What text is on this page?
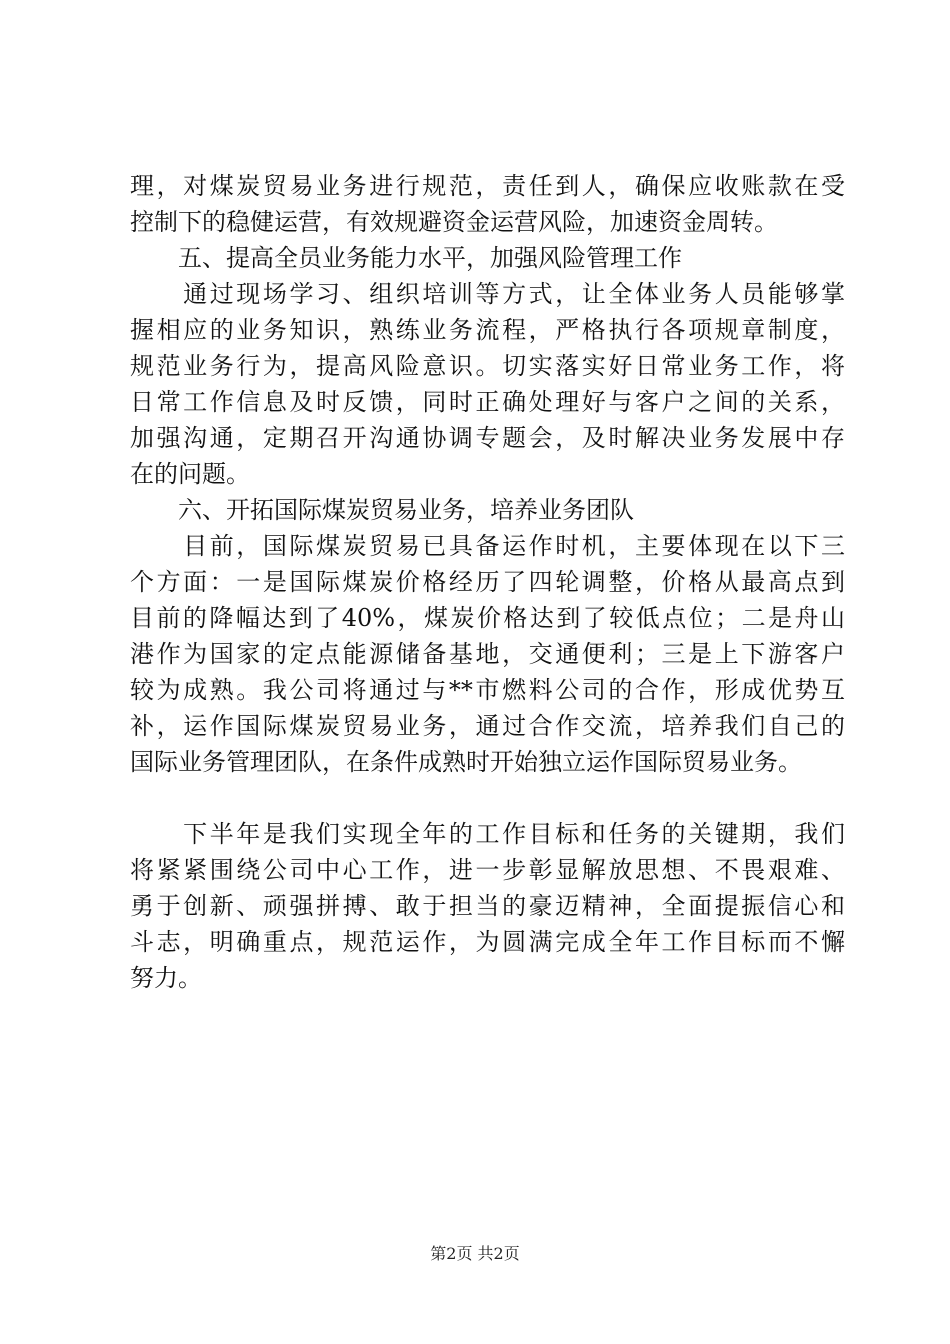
理，对煤炭贸易业务进行规范，责任到人，确保应收账款在受
控制下的稳健运营，有效规避资金运营风险，加速资金周转。
　　五、提高全员业务能力水平，加强风险管理工作
　　通过现场学习、组织培训等方式，让全体业务人员能够掌
握相应的业务知识，熟练业务流程，严格执行各项规章制度，
规范业务行为，提高风险意识。切实落实好日常业务工作，将
日常工作信息及时反馈，同时正确处理好与客户之间的关系，
加强沟通，定期召开沟通协调专题会，及时解决业务发展中存
在的问题。
　　六、开拓国际煤炭贸易业务，培养业务团队
　　目前，国际煤炭贸易已具备运作时机，主要体现在以下三
个方面：一是国际煤炭价格经历了四轮调整，价格从最高点到
目前的降幅达到了40%，煤炭价格达到了较低点位；二是舟山
港作为国家的定点能源储备基地，交通便利；三是上下游客户
较为成熟。我公司将通过与**市燃料公司的合作，形成优势互
补，运作国际煤炭贸易业务，通过合作交流，培养我们自己的
国际业务管理团队，在条件成熟时开始独立运作国际贸易业务。
　　下半年是我们实现全年的工作目标和任务的关键期，我们
将紧紧围绕公司中心工作，进一步彰显解放思想、不畏艰难、
勇于创新、顽强拼搏、敢于担当的豪迈精神，全面提振信心和
斗志，明确重点，规范运作，为圆满完成全年工作目标而不懈
努力。
第2页 共2页
